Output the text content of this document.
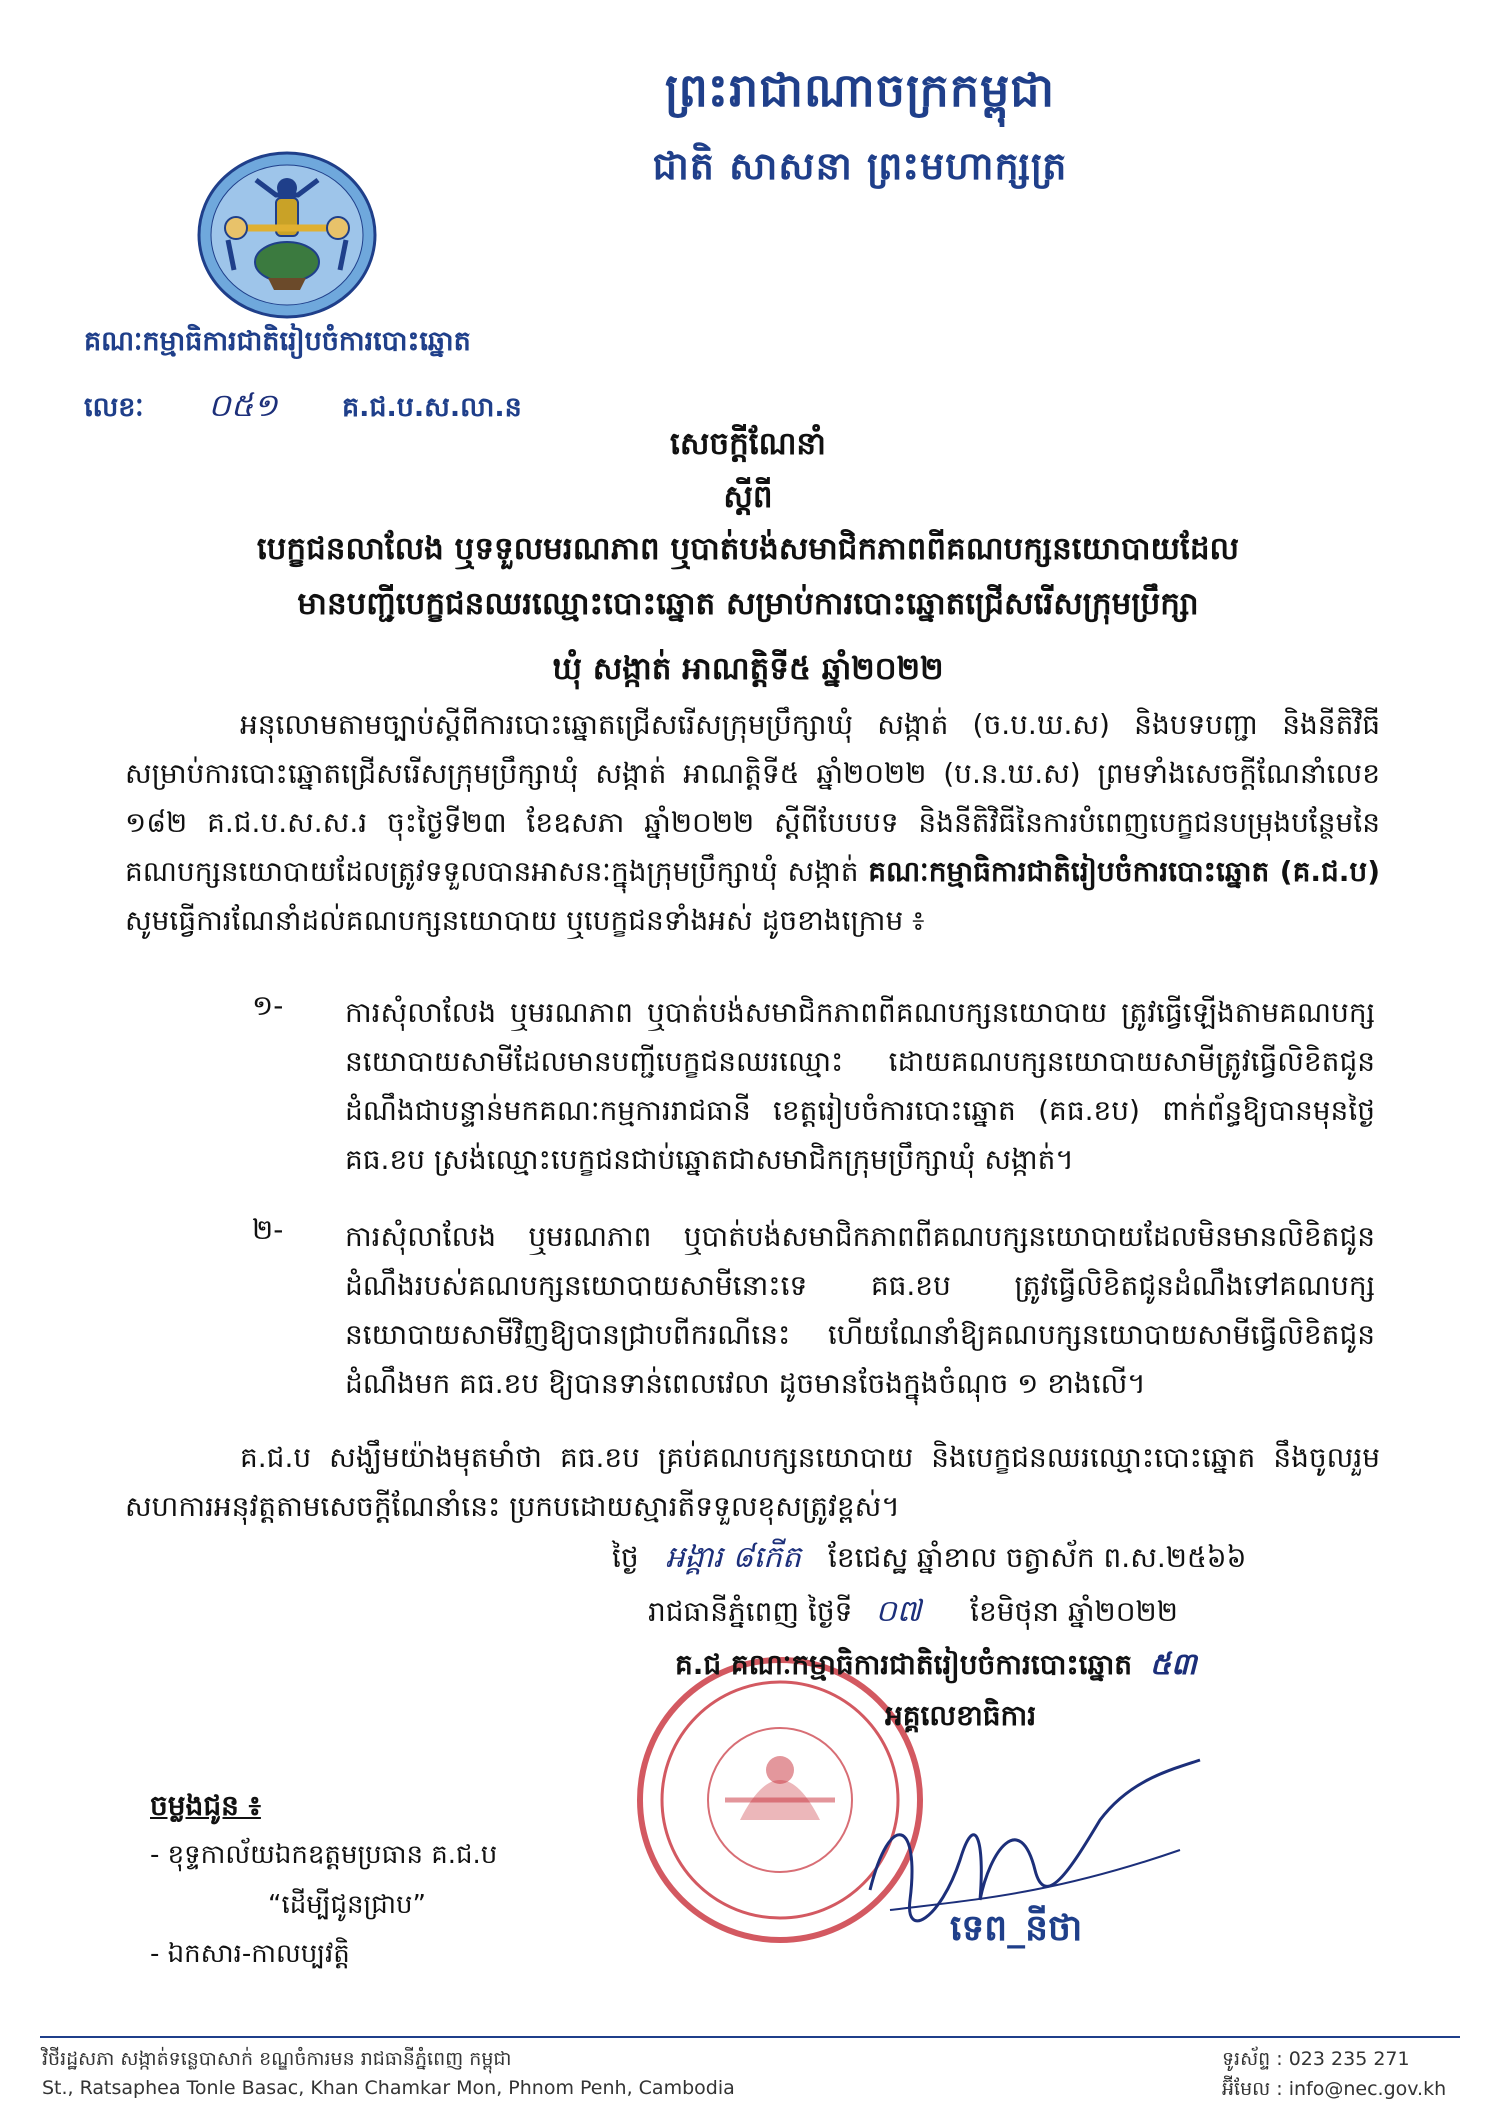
ព្រះរាជាណាចក្រកម្ពុជា
ជាតិ សាសនា ព្រះមហាក្សត្រ
គណៈកម្មាធិការជាតិរៀបចំការបោះឆ្នោត
លេខៈ ០៥១ គ.ជ.ប.ស.លា.ន
សេចក្តីណែនាំ
ស្តីពី
បេក្ខជនលាលែង ឬទទួលមរណភាព ឬបាត់បង់សមាជិកភាពពីគណបក្សនយោបាយដែល
មានបញ្ជីបេក្ខជនឈរឈ្មោះបោះឆ្នោត សម្រាប់ការបោះឆ្នោតជ្រើសរើសក្រុមប្រឹក្សា
ឃុំ សង្កាត់ អាណត្តិទី៥ ឆ្នាំ២០២២
អនុលោមតាមច្បាប់ស្តីពីការបោះឆ្នោតជ្រើសរើសក្រុមប្រឹក្សាឃុំ សង្កាត់ (ច.ប.ឃ.ស) និងបទបញ្ជា និងនីតិវិធីសម្រាប់ការបោះឆ្នោតជ្រើសរើសក្រុមប្រឹក្សាឃុំ សង្កាត់ អាណត្តិទី៥ ឆ្នាំ២០២២ (ប.ន.ឃ.ស) ព្រមទាំងសេចក្តីណែនាំលេខ ១៨២ គ.ជ.ប.ស.ស.រ ចុះថ្ងៃទី២៣ ខែឧសភា ឆ្នាំ២០២២ ស្តីពីបែបបទ និងនីតិវិធីនៃការបំពេញបេក្ខជនបម្រុងបន្ថែមនៃគណបក្សនយោបាយដែលត្រូវទទួលបានអាសនៈក្នុងក្រុមប្រឹក្សាឃុំ សង្កាត់ គណៈកម្មាធិការជាតិរៀបចំការបោះឆ្នោត (គ.ជ.ប) សូមធ្វើការណែនាំដល់គណបក្សនយោបាយ ឬបេក្ខជនទាំងអស់ ដូចខាងក្រោម ៖
១- ការសុំលាលែង ឬមរណភាព ឬបាត់បង់សមាជិកភាពពីគណបក្សនយោបាយ ត្រូវធ្វើឡើងតាមគណបក្សនយោបាយសាមីដែលមានបញ្ជីបេក្ខជនឈរឈ្មោះ ដោយគណបក្សនយោបាយសាមីត្រូវធ្វើលិខិតជូនដំណឹងជាបន្ទាន់មកគណៈកម្មការរាជធានី ខេត្តរៀបចំការបោះឆ្នោត (គធ.ខប) ពាក់ព័ន្ធឱ្យបានមុនថ្ងៃ គធ.ខប ស្រង់ឈ្មោះបេក្ខជនជាប់ឆ្នោតជាសមាជិកក្រុមប្រឹក្សាឃុំ សង្កាត់។
២- ការសុំលាលែង ឬមរណភាព ឬបាត់បង់សមាជិកភាពពីគណបក្សនយោបាយដែលមិនមានលិខិតជូនដំណឹងរបស់គណបក្សនយោបាយសាមីនោះទេ គធ.ខប ត្រូវធ្វើលិខិតជូនដំណឹងទៅគណបក្សនយោបាយសាមីវិញឱ្យបានជ្រាបពីករណីនេះ ហើយណែនាំឱ្យគណបក្សនយោបាយសាមីធ្វើលិខិតជូនដំណឹងមក គធ.ខប ឱ្យបានទាន់ពេលវេលា ដូចមានចែងក្នុងចំណុច ១ ខាងលើ។
គ.ជ.ប សង្ឃឹមយ៉ាងមុតមាំថា គធ.ខប គ្រប់គណបក្សនយោបាយ និងបេក្ខជនឈរឈ្មោះបោះឆ្នោត នឹងចូលរួមសហការអនុវត្តតាមសេចក្តីណែនាំនេះ ប្រកបដោយស្មារតីទទួលខុសត្រូវខ្ពស់។
ថ្ងៃ អង្គារ ៨កើត ខែជេស្ឋ ឆ្នាំខាល ចត្វាស័ក ព.ស.២៥៦៦
រាជធានីភ្នំពេញ ថ្ងៃទី ០៧ ខែមិថុនា ឆ្នាំ២០២២
គ.ជ គណៈកម្មាធិការជាតិរៀបចំការបោះឆ្នោត ៥៣
អគ្គលេខាធិការ
ទេព_នីថា
ចម្លងជូន ៖
- ខុទ្ទកាល័យឯកឧត្តមប្រធាន គ.ជ.ប
“ដើម្បីជូនជ្រាប”
- ឯកសារ-កាលប្បវត្តិ
វិថីរដ្ឋសភា សង្កាត់ទន្លេបាសាក់ ខណ្ឌចំការមន រាជធានីភ្នំពេញ កម្ពុជា
St., Ratsaphea Tonle Basac, Khan Chamkar Mon, Phnom Penh, Cambodia
ទូរស័ព្ទ : 023 235 271
អ៊ីមែល : info@nec.gov.kh
